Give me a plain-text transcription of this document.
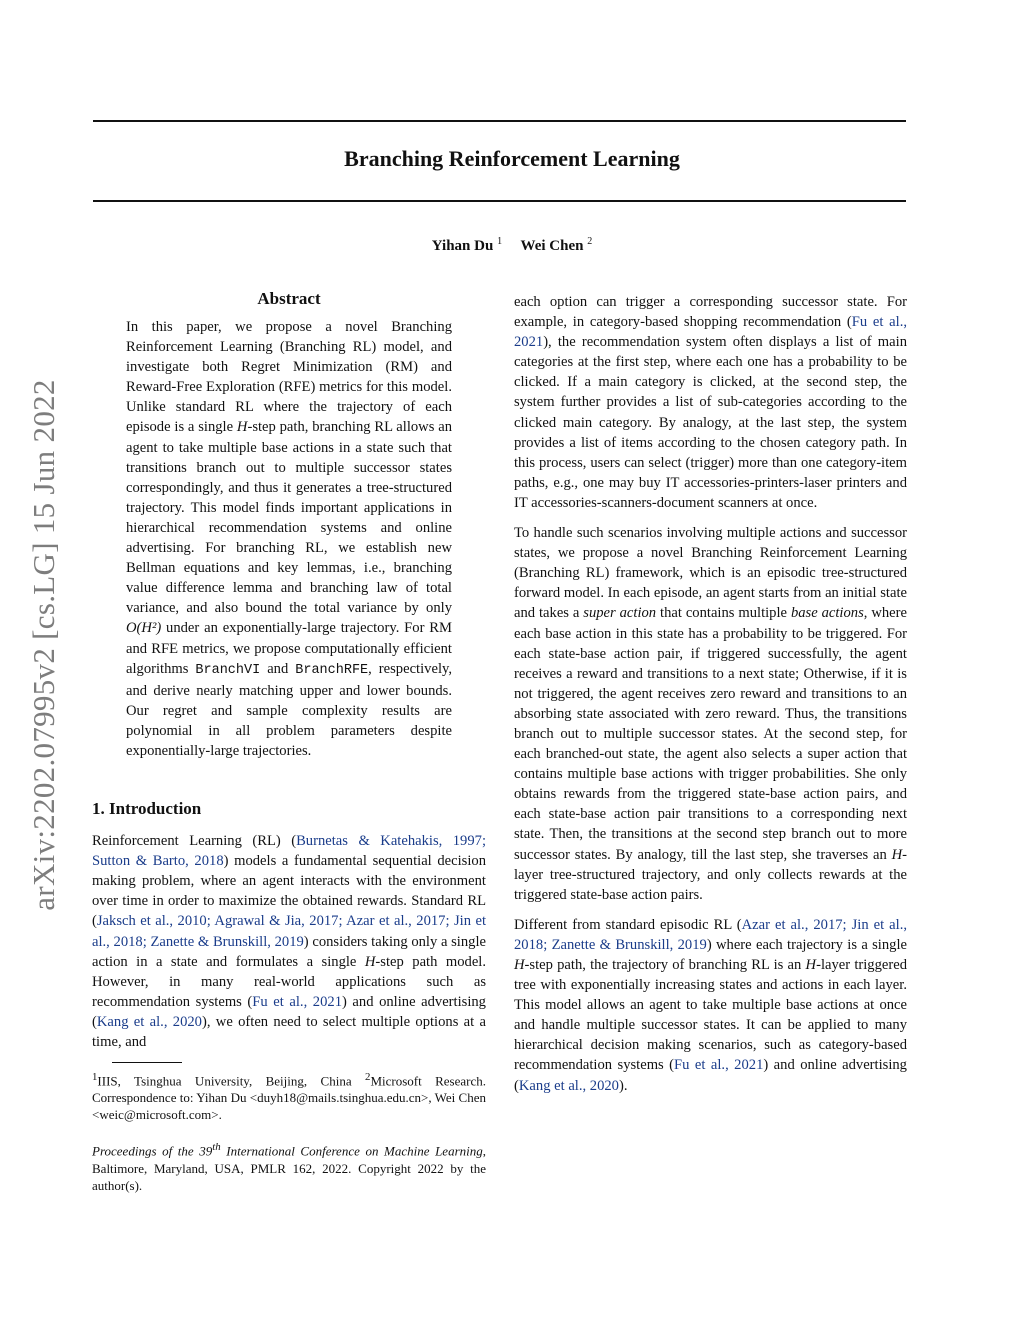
Branching Reinforcement Learning
Yihan Du $^1$ Wei Chen $^2$
arXiv:2202.07995v2 [cs.LG] 15 Jun 2022
Abstract

In this paper, we propose a novel Branching Reinforcement Learning (Branching RL) model, and investigate both Regret Minimization (RM) and Reward-Free Exploration (RFE) metrics for this model. Unlike standard RL where the trajectory of each episode is a single H-step path, branching RL allows an agent to take multiple base actions in a state such that transitions branch out to multiple successor states correspondingly, and thus it generates a tree-structured trajectory. This model finds important applications in hierarchical recommendation systems and online advertising. For branching RL, we establish new Bellman equations and key lemmas, i.e., branching value difference lemma and branching law of total variance, and also bound the total variance by only O(H²) under an exponentially-large trajectory. For RM and RFE metrics, we propose computationally efficient algorithms BranchVI and BranchRFE, respectively, and derive nearly matching upper and lower bounds. Our regret and sample complexity results are polynomial in all problem parameters despite exponentially-large trajectories.

1. Introduction

Reinforcement Learning (RL) (Burnetas & Katehakis, 1997; Sutton & Barto, 2018) models a fundamental sequential decision making problem, where an agent interacts with the environment over time in order to maximize the obtained rewards. Standard RL (Jaksch et al., 2010; Agrawal & Jia, 2017; Azar et al., 2017; Jin et al., 2018; Zanette & Brunskill, 2019) considers taking only a single action in a state and formulates a single H-step path model. However, in many real-world applications such as recommendation systems (Fu et al., 2021) and online advertising (Kang et al., 2020), we often need to select multiple options at a time, and

$^1$IIIS, Tsinghua University, Beijing, China $^2$Microsoft Research. Correspondence to: Yihan Du <duyh18@mails.tsinghua.edu.cn>, Wei Chen <weic@microsoft.com>.
Proceedings of the 39th International Conference on Machine Learning, Baltimore, Maryland, USA, PMLR 162, 2022. Copyright 2022 by the author(s).

each option can trigger a corresponding successor state. For example, in category-based shopping recommendation (Fu et al., 2021), the recommendation system often displays a list of main categories at the first step, where each one has a probability to be clicked. If a main category is clicked, at the second step, the system further provides a list of sub-categories according to the clicked main category. By analogy, at the last step, the system provides a list of items according to the chosen category path. In this process, users can select (trigger) more than one category-item paths, e.g., one may buy IT accessories-printers-laser printers and IT accessories-scanners-document scanners at once.

To handle such scenarios involving multiple actions and successor states, we propose a novel Branching Reinforcement Learning (Branching RL) framework, which is an episodic tree-structured forward model. In each episode, an agent starts from an initial state and takes a super action that contains multiple base actions, where each base action in this state has a probability to be triggered. For each state-base action pair, if triggered successfully, the agent receives a reward and transitions to a next state; Otherwise, if it is not triggered, the agent receives zero reward and transitions to an absorbing state associated with zero reward. Thus, the transitions branch out to multiple successor states. At the second step, for each branched-out state, the agent also selects a super action that contains multiple base actions with trigger probabilities. She only obtains rewards from the triggered state-base action pairs, and each state-base action pair transitions to a corresponding next state. Then, the transitions at the second step branch out to more successor states. By analogy, till the last step, she traverses an H-layer tree-structured trajectory, and only collects rewards at the triggered state-base action pairs.

Different from standard episodic RL (Azar et al., 2017; Jin et al., 2018; Zanette & Brunskill, 2019) where each trajectory is a single H-step path, the trajectory of branching RL is an H-layer triggered tree with exponentially increasing states and actions in each layer. This model allows an agent to take multiple base actions at once and handle multiple successor states. It can be applied to many hierarchical decision making scenarios, such as category-based recommendation systems (Fu et al., 2021) and online advertising (Kang et al., 2020).
